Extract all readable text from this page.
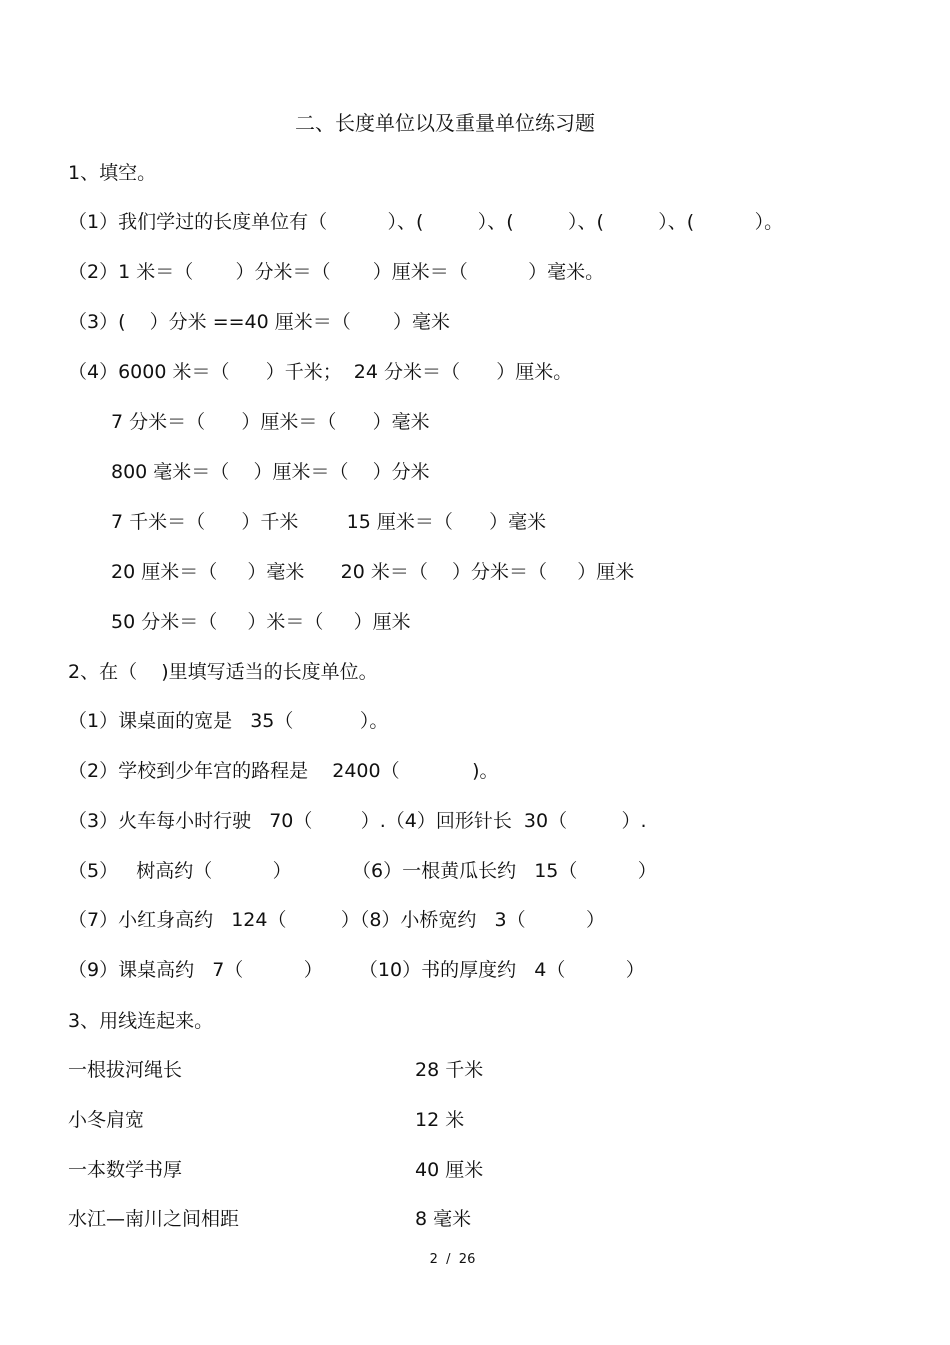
二、长度单位以及重量单位练习题
1、填空。
（1）我们学过的长度单位有（          ）、(         ）、(         ）、(         ）、(          ）。
（2）1 米＝（       ）分米＝（       ）厘米＝（          ）毫米。
（3）(    ）分米 ==40 厘米＝（       ）毫米
（4）6000 米＝（      ）千米；  24 分米＝（      ）厘米。
7 分米＝（      ）厘米＝（      ）毫米
800 毫米＝（    ）厘米＝（    ）分米
7 千米＝（      ）千米        15 厘米＝（      ）毫米
20 厘米＝（     ）毫米      20 米＝（    ）分米＝（     ）厘米
50 分米＝（     ）米＝（     ）厘米
2、在（    )里填写适当的长度单位。
（1）课桌面的宽是   35（           ）。
（2）学校到少年宫的路程是    2400（            )。
（3）火车每小时行驶   70（        ）.（4）回形针长  30（         ）.
（5）   树高约（          ）          （6）一根黄瓜长约   15（          ）
（7）小红身高约   124（         ）（8）小桥宽约   3（          ）
（9）课桌高约   7（          ）      （10）书的厚度约   4（          ）
3、用线连起来。
一根拔河绳长	28 千米
小冬肩宽	12 米
一本数学书厚	40 厘米
水江—南川之间相距	8 毫米
2  /  26
